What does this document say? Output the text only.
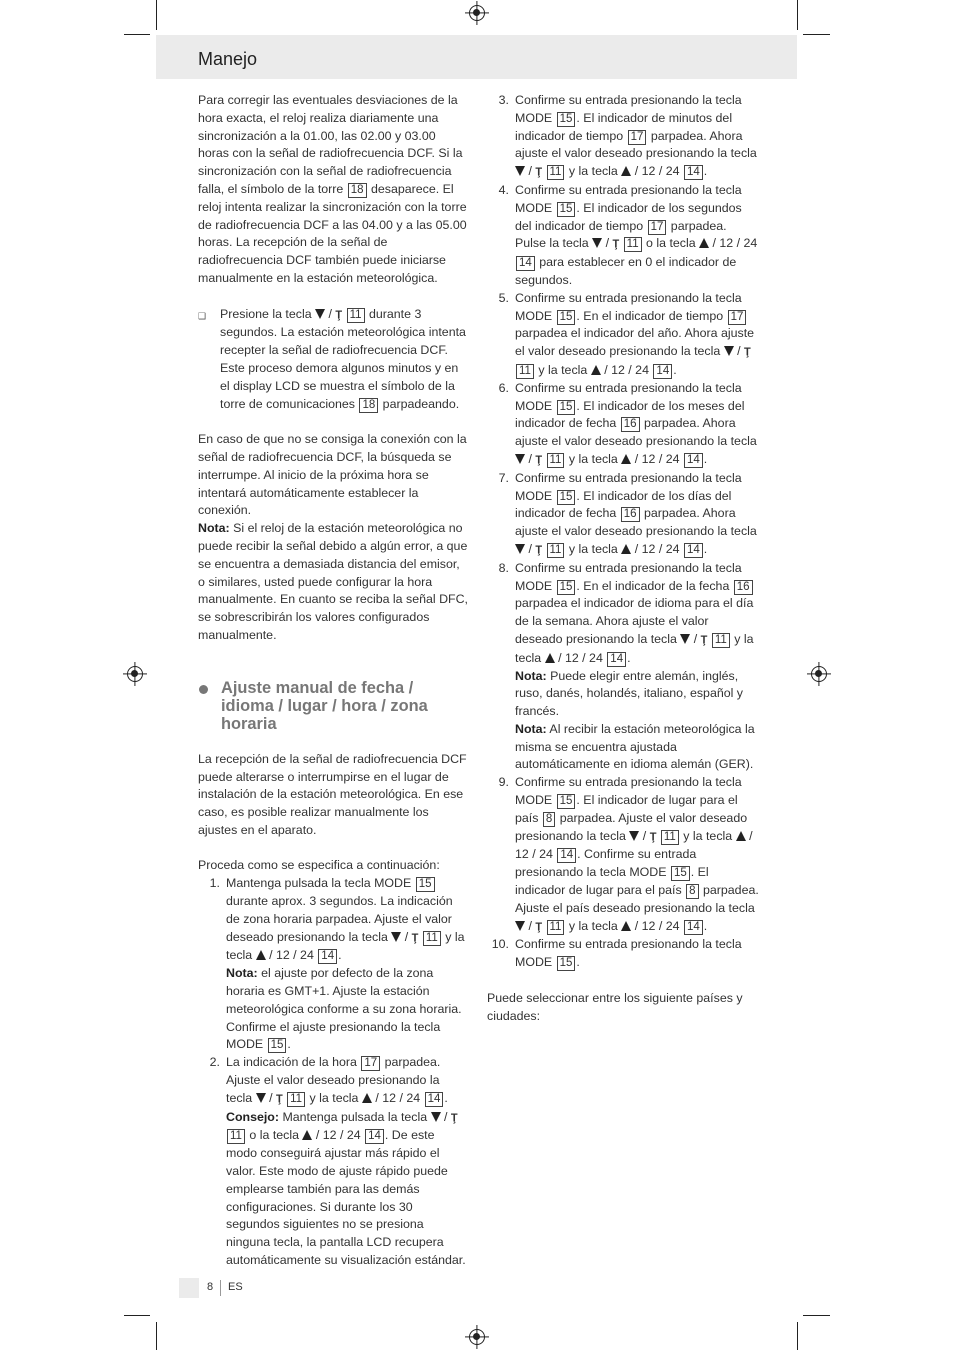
Manejo

Para corregir las eventuales desviaciones de la hora exacta, el reloj realiza diariamente una sincronización a la 01.00, las 02.00 y 03.00 horas con la señal de radiofrecuencia DCF. Si la sincronización con la señal de radiofrecuencia falla, el símbolo de la torre 18 desaparece. El reloj intenta realizar la sincronización con la torre de radiofrecuencia DCF a las 04.00 y a las 05.00 horas. La recepción de la señal de radiofrecuencia DCF también puede iniciarse manualmente en la estación meteorológica.

❑	Presione la tecla  / Ţ 11 durante 3 segundos. La estación meteorológica intenta recepter la señal de radiofrecuencia DCF. Este proceso demora algunos minutos y en el display LCD se muestra el símbolo de la torre de comunicaciones 18 parpadeando.

En caso de que no se consiga la conexión con la señal de radiofrecuencia DCF, la búsqueda se interrumpe. Al inicio de la próxima hora se intentará automáticamente establecer la conexión.

Nota: Si el reloj de la estación meteorológica no puede recibir la señal debido a algún error, a que se encuentra a demasiada distancia del emisor, o similares, usted puede configurar la hora manualmente. En cuanto se reciba la señal DFC, se sobrescribirán los valores configurados manualmente.

Ajuste manual de fecha / idioma / lugar / hora / zona horaria

La recepción de la señal de radiofrecuencia DCF puede alterarse o interrumpirse en el lugar de instalación de la estación meteorológica. En ese caso, es posible realizar manualmente los ajustes en el aparato.

Proceda como se especifica a continuación:

1. Mantenga pulsada la tecla MODE 15 durante aprox. 3 segundos. La indicación de zona horaria parpadea. Ajuste el valor deseado presionando la tecla  / Ţ 11 y la tecla  / 12 / 24 14 .
Nota: el ajuste por defecto de la zona horaria es GMT+1. Ajuste la estación meteorológica conforme a su zona horaria. Confirme el ajuste presionando la tecla MODE 15 .
2. La indicación de la hora 17 parpadea. Ajuste el valor deseado presionando la tecla  / Ţ 11 y la tecla  / 12 / 24 14 .
Consejo: Mantenga pulsada la tecla  / Ţ 11 o la tecla  / 12 / 24 14 . De este modo conseguirá ajustar más rápido el valor. Este modo de ajuste rápido puede emplearse también para las demás configuraciones. Si durante los 30 segundos siguientes no se presiona ninguna tecla, la pantalla LCD recupera automáticamente su visualización estándar.
3. Confirme su entrada presionando la tecla MODE 15 . El indicador de minutos del indicador de tiempo 17 parpadea. Ahora ajuste el valor deseado presionando la tecla  / Ţ 11 y la tecla  / 12 / 24 14 .
4. Confirme su entrada presionando la tecla MODE 15 . El indicador de los segundos del indicador de tiempo 17 parpadea. Pulse la tecla  / Ţ 11 o la tecla  / 12 / 24 14 para establecer en 0 el indicador de segundos.
5. Confirme su entrada presionando la tecla MODE 15 . En el indicador de tiempo 17 parpadea el indicador del año. Ahora ajuste el valor deseado presionando la tecla  / Ţ 11 y la tecla  / 12 / 24 14 .
6. Confirme su entrada presionando la tecla MODE 15 . El indicador de los meses del indicador de fecha 16 parpadea. Ahora ajuste el valor deseado presionando la tecla  / Ţ 11 y la tecla  / 12 / 24 14 .
7. Confirme su entrada presionando la tecla MODE 15 . El indicador de los días del indicador de fecha 16 parpadea. Ahora ajuste el valor deseado presionando la tecla  / Ţ 11 y la tecla  / 12 / 24 14 .
8. Confirme su entrada presionando la tecla MODE 15 . En el indicador de la fecha 16 parpadea el indicador de idioma para el día de la semana. Ahora ajuste el valor deseado presionando la tecla  / Ţ 11 y la tecla  / 12 / 24 14 .
Nota: Puede elegir entre alemán, inglés, ruso, danés, holandés, italiano, español y francés.
Nota: Al recibir la estación meteorológica la misma se encuentra ajustada automáticamente en idioma alemán (GER).
9. Confirme su entrada presionando la tecla MODE 15 . El indicador de lugar para el país 8 parpadea. Ajuste el valor deseado presionando la tecla  / Ţ 11 y la tecla  / 12 / 24 14 . Confirme su entrada presionando la tecla MODE 15 . El indicador de lugar para el país 8 parpadea. Ajuste el país deseado presionando la tecla  / Ţ 11 y la tecla  / 12 / 24 14 .
10. Confirme su entrada presionando la tecla MODE 15 .

Puede seleccionar entre los siguiente países y ciudades:

8 ES
